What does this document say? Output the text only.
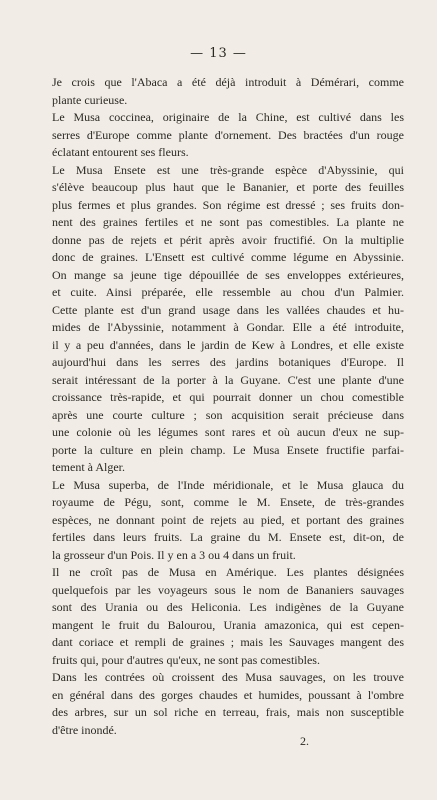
— 13 —

Je crois que l'Abaca a été déjà introduit à Démérari, comme
plante curieuse.

Le Musa coccinea, originaire de la Chine, est cultivé dans les
serres d'Europe comme plante d'ornement. Des bractées d'un rouge
éclatant entourent ses fleurs.

Le Musa Ensete est une très-grande espèce d'Abyssinie, qui
s'élève beaucoup plus haut que le Bananier, et porte des feuilles
plus fermes et plus grandes. Son régime est dressé ; ses fruits don-
nent des graines fertiles et ne sont pas comestibles. La plante ne
donne pas de rejets et périt après avoir fructifié. On la multiplie
donc de graines. L'Ensett est cultivé comme légume en Abyssinie.
On mange sa jeune tige dépouillée de ses enveloppes extérieures,
et cuite. Ainsi préparée, elle ressemble au chou d'un Palmier.
Cette plante est d'un grand usage dans les vallées chaudes et hu-
mides de l'Abyssinie, notamment à Gondar. Elle a été introduite,
il y a peu d'années, dans le jardin de Kew à Londres, et elle existe
aujourd'hui dans les serres des jardins botaniques d'Europe. Il
serait intéressant de la porter à la Guyane. C'est une plante d'une
croissance très-rapide, et qui pourrait donner un chou comestible
après une courte culture ; son acquisition serait précieuse dans
une colonie où les légumes sont rares et où aucun d'eux ne sup-
porte la culture en plein champ. Le Musa Ensete fructifie parfai-
tement à Alger.

Le Musa superba, de l'Inde méridionale, et le Musa glauca du
royaume de Pégu, sont, comme le M. Ensete, de très-grandes
espèces, ne donnant point de rejets au pied, et portant des graines
fertiles dans leurs fruits. La graine du M. Ensete est, dit-on, de
la grosseur d'un Pois. Il y en a 3 ou 4 dans un fruit.

Il ne croît pas de Musa en Amérique. Les plantes désignées
quelquefois par les voyageurs sous le nom de Bananiers sauvages
sont des Urania ou des Heliconia. Les indigènes de la Guyane
mangent le fruit du Balourou, Urania amazonica, qui est cepen-
dant coriace et rempli de graines ; mais les Sauvages mangent des
fruits qui, pour d'autres qu'eux, ne sont pas comestibles.

Dans les contrées où croissent des Musa sauvages, on les trouve
en général dans des gorges chaudes et humides, poussant à l'ombre
des arbres, sur un sol riche en terreau, frais, mais non susceptible
d'être inondé.

2.
